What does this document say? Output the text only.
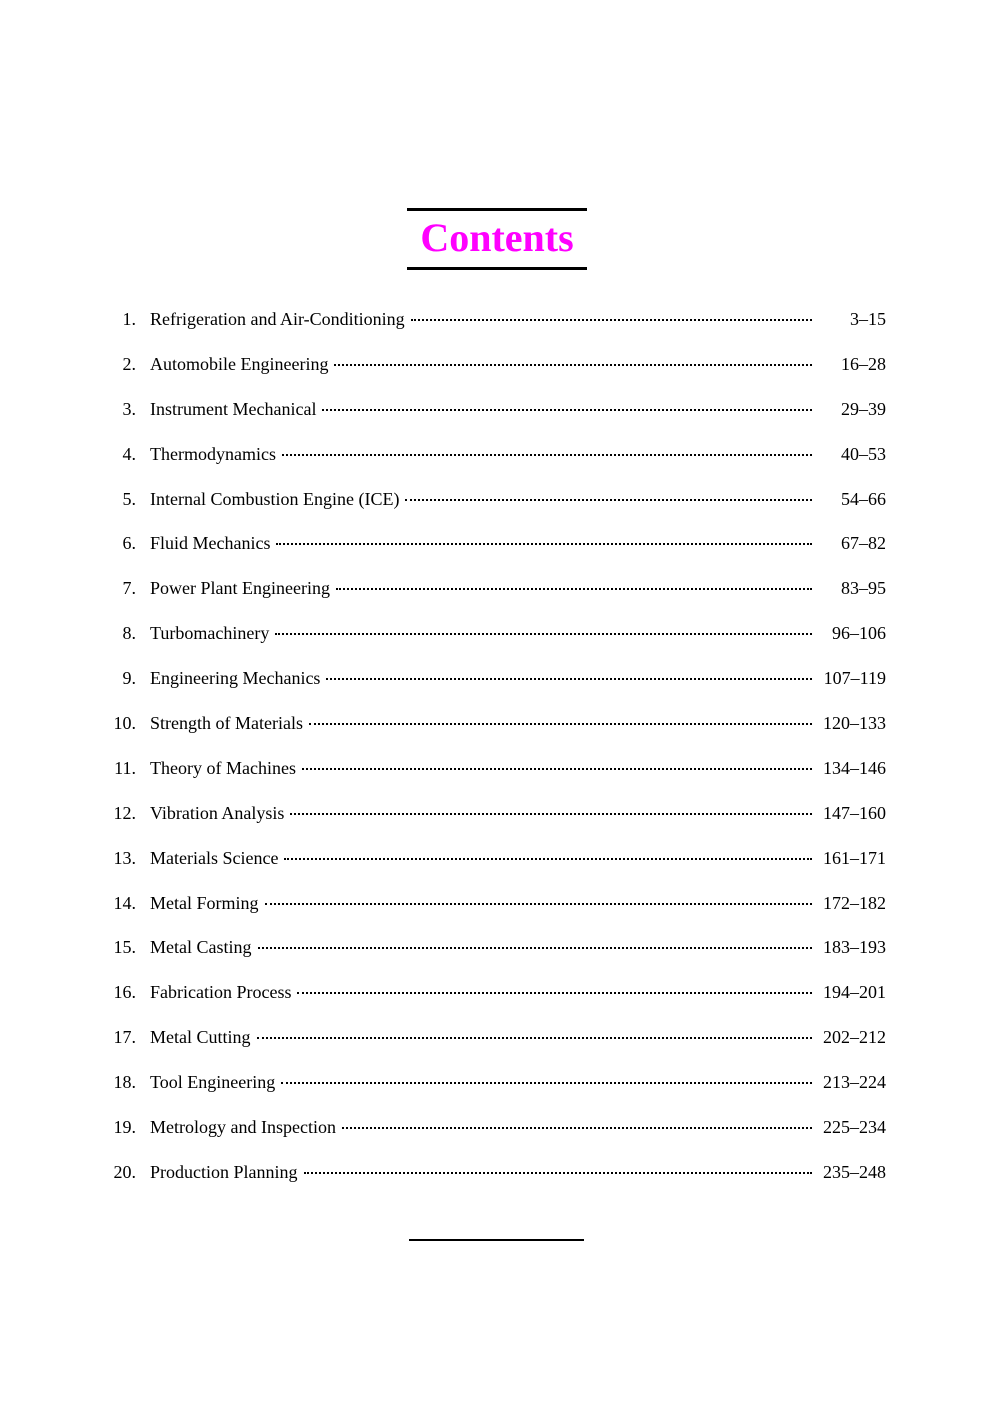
Contents
1. Refrigeration and Air-Conditioning	3–15
2. Automobile Engineering	16–28
3. Instrument Mechanical	29–39
4. Thermodynamics	40–53
5. Internal Combustion Engine (ICE)	54–66
6. Fluid Mechanics	67–82
7. Power Plant Engineering	83–95
8. Turbomachinery	96–106
9. Engineering Mechanics	107–119
10. Strength of Materials	120–133
11. Theory of Machines	134–146
12. Vibration Analysis	147–160
13. Materials Science	161–171
14. Metal Forming	172–182
15. Metal Casting	183–193
16. Fabrication Process	194–201
17. Metal Cutting	202–212
18. Tool Engineering	213–224
19. Metrology and Inspection	225–234
20. Production Planning	235–248
